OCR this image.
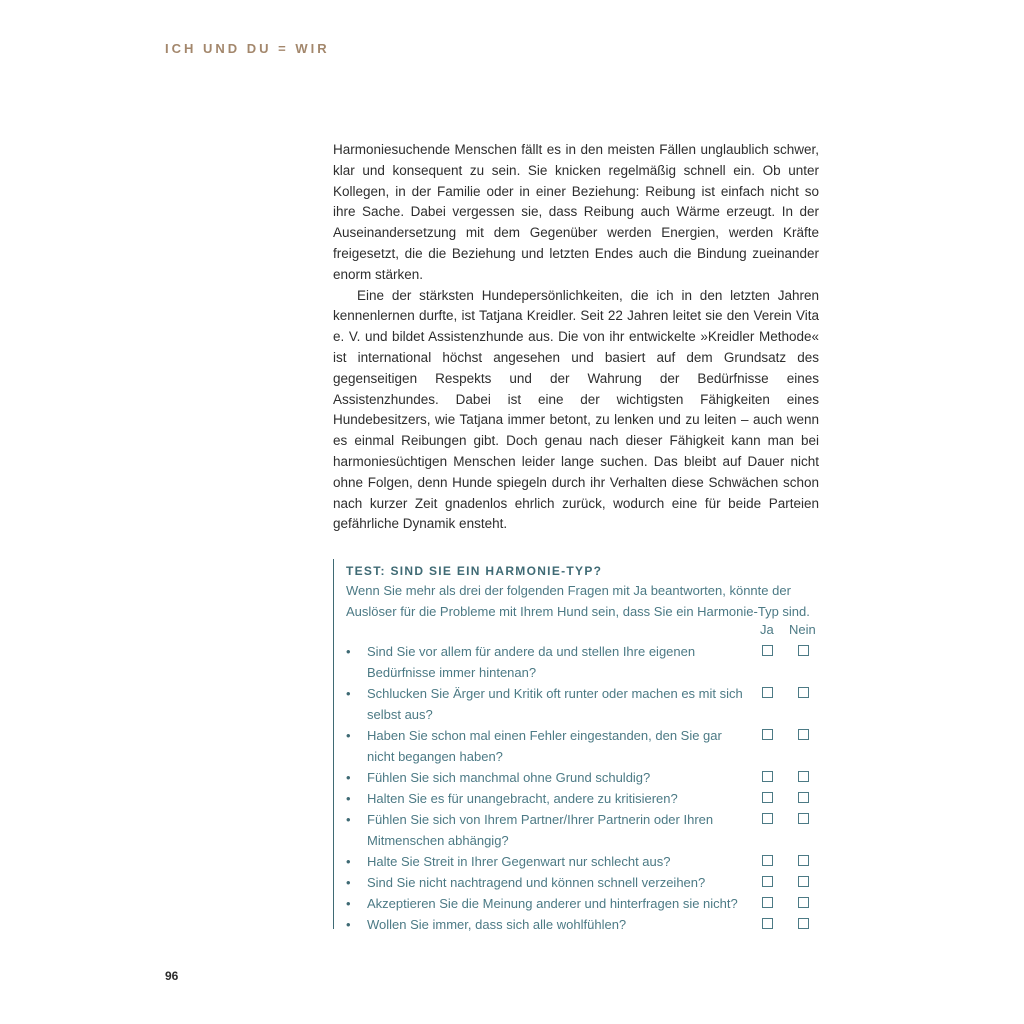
ICH UND DU = WIR

Harmoniesuchende Menschen fällt es in den meisten Fällen unglaublich schwer, klar und konsequent zu sein. Sie knicken regelmäßig schnell ein. Ob unter Kollegen, in der Familie oder in einer Beziehung: Reibung ist einfach nicht so ihre Sache. Dabei vergessen sie, dass Reibung auch Wärme erzeugt. In der Auseinandersetzung mit dem Gegenüber werden Energien, werden Kräfte freigesetzt, die die Beziehung und letzten Endes auch die Bindung zueinander enorm stärken.

Eine der stärksten Hundepersönlichkeiten, die ich in den letzten Jahren kennenlernen durfte, ist Tatjana Kreidler. Seit 22 Jahren leitet sie den Verein Vita e. V. und bildet Assistenzhunde aus. Die von ihr entwickelte »Kreidler Methode« ist international höchst angesehen und basiert auf dem Grundsatz des gegenseitigen Respekts und der Wahrung der Bedürfnisse eines Assistenzhundes. Dabei ist eine der wichtigsten Fähigkeiten eines Hundebesitzers, wie Tatjana immer betont, zu lenken und zu leiten – auch wenn es einmal Reibungen gibt. Doch genau nach dieser Fähigkeit kann man bei harmoniesüchtigen Menschen leider lange suchen. Das bleibt auf Dauer nicht ohne Folgen, denn Hunde spiegeln durch ihr Verhalten diese Schwächen schon nach kurzer Zeit gnadenlos ehrlich zurück, wodurch eine für beide Parteien gefährliche Dynamik ensteht.

TEST: SIND SIE EIN HARMONIE-TYP?

Wenn Sie mehr als drei der folgenden Fragen mit Ja beantworten, könnte der Auslöser für die Probleme mit Ihrem Hund sein, dass Sie ein Harmonie-Typ sind.

Ja Nein
• Sind Sie vor allem für andere da und stellen Ihre eigenen Bedürfnisse immer hintenan?
• Schlucken Sie Ärger und Kritik oft runter oder machen es mit sich selbst aus?
• Haben Sie schon mal einen Fehler eingestanden, den Sie gar nicht begangen haben?
• Fühlen Sie sich manchmal ohne Grund schuldig?
• Halten Sie es für unangebracht, andere zu kritisieren?
• Fühlen Sie sich von Ihrem Partner/Ihrer Partnerin oder Ihren Mitmenschen abhängig?
• Halte Sie Streit in Ihrer Gegenwart nur schlecht aus?
• Sind Sie nicht nachtragend und können schnell verzeihen?
• Akzeptieren Sie die Meinung anderer und hinterfragen sie nicht?
• Wollen Sie immer, dass sich alle wohlfühlen?
96
